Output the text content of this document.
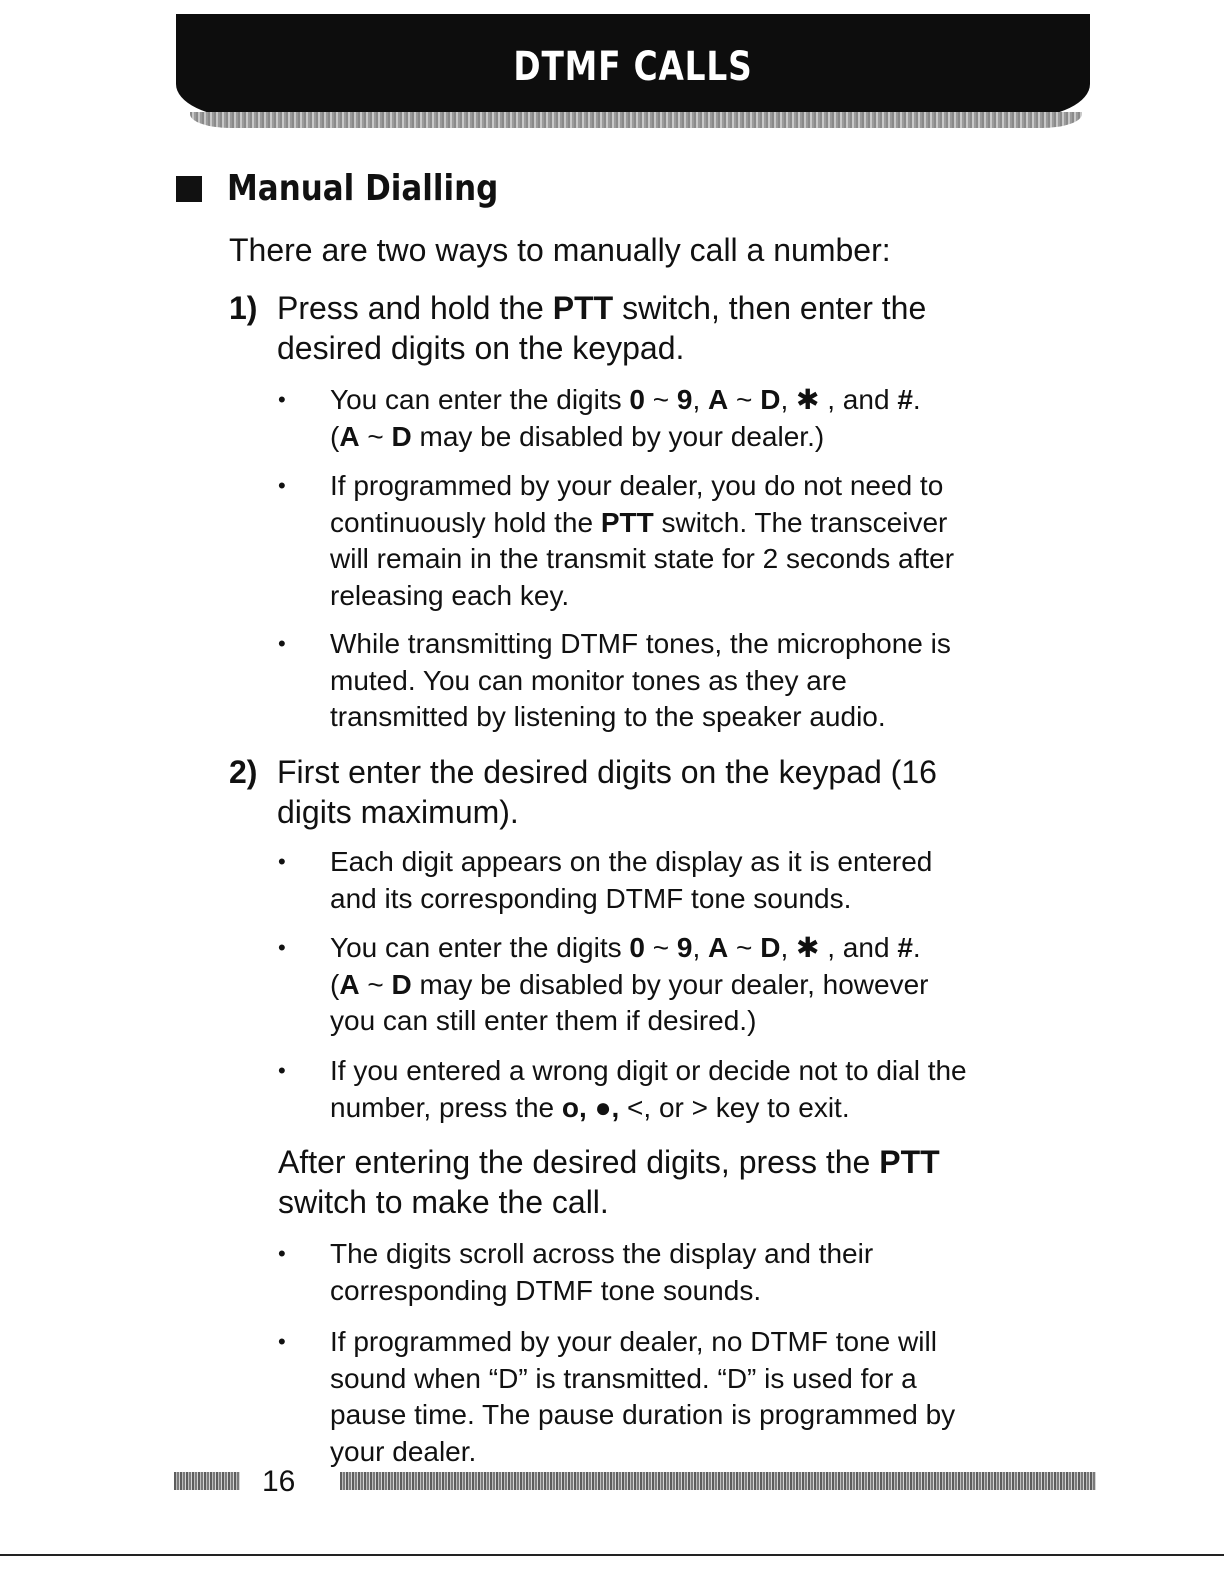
DTMF CALLS
Manual Dialling
There are two ways to manually call a number:
1) Press and hold the PTT switch, then enter the
desired digits on the keypad.
• You can enter the digits 0 ~ 9, A ~ D, ✱ , and #.
(A ~ D may be disabled by your dealer.)
• If programmed by your dealer, you do not need to
continuously hold the PTT switch. The transceiver
will remain in the transmit state for 2 seconds after
releasing each key.
• While transmitting DTMF tones, the microphone is
muted. You can monitor tones as they are
transmitted by listening to the speaker audio.
2) First enter the desired digits on the keypad (16
digits maximum).
• Each digit appears on the display as it is entered
and its corresponding DTMF tone sounds.
• You can enter the digits 0 ~ 9, A ~ D, ✱ , and #.
(A ~ D may be disabled by your dealer, however
you can still enter them if desired.)
• If you entered a wrong digit or decide not to dial the
number, press the o, ●, <, or > key to exit.
After entering the desired digits, press the PTT
switch to make the call.
• The digits scroll across the display and their
corresponding DTMF tone sounds.
• If programmed by your dealer, no DTMF tone will
sound when “D” is transmitted. “D” is used for a
pause time. The pause duration is programmed by
your dealer.
16
